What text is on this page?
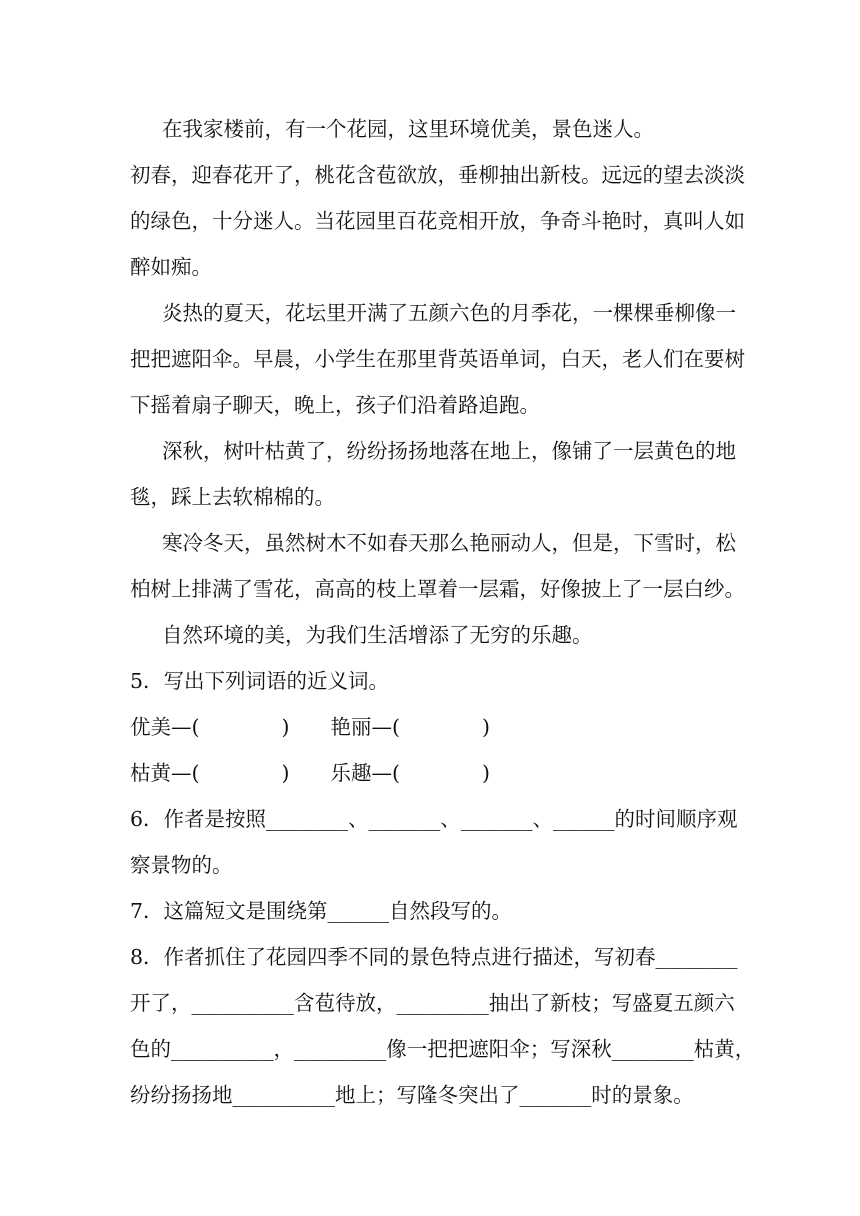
在我家楼前，有一个花园，这里环境优美，景色迷人。
初春，迎春花开了，桃花含苞欲放，垂柳抽出新枝。远远的望去淡淡
的绿色，十分迷人。当花园里百花竞相开放，争奇斗艳时，真叫人如
醉如痴。
炎热的夏天，花坛里开满了五颜六色的月季花，一棵棵垂柳像一
把把遮阳伞。早晨，小学生在那里背英语单词，白天，老人们在要树
下摇着扇子聊天，晚上，孩子们沿着路追跑。
深秋，树叶枯黄了，纷纷扬扬地落在地上，像铺了一层黄色的地
毯，踩上去软棉棉的。
寒冷冬天，虽然树木不如春天那么艳丽动人，但是，下雪时，松
柏树上排满了雪花，高高的枝上罩着一层霜，好像披上了一层白纱。
自然环境的美，为我们生活增添了无穷的乐趣。
5．写出下列词语的近义词。
优美—(　　　　)　　艳丽—(　　　　)
枯黄—(　　　　)　　乐趣—(　　　　)
6．作者是按照________、_______、_______、______的时间顺序观
察景物的。
7．这篇短文是围绕第______自然段写的。
8．作者抓住了花园四季不同的景色特点进行描述，写初春________
开了，__________含苞待放，_________抽出了新枝；写盛夏五颜六
色的__________，_________像一把把遮阳伞；写深秋________枯黄，
纷纷扬扬地__________地上；写隆冬突出了_______时的景象。
